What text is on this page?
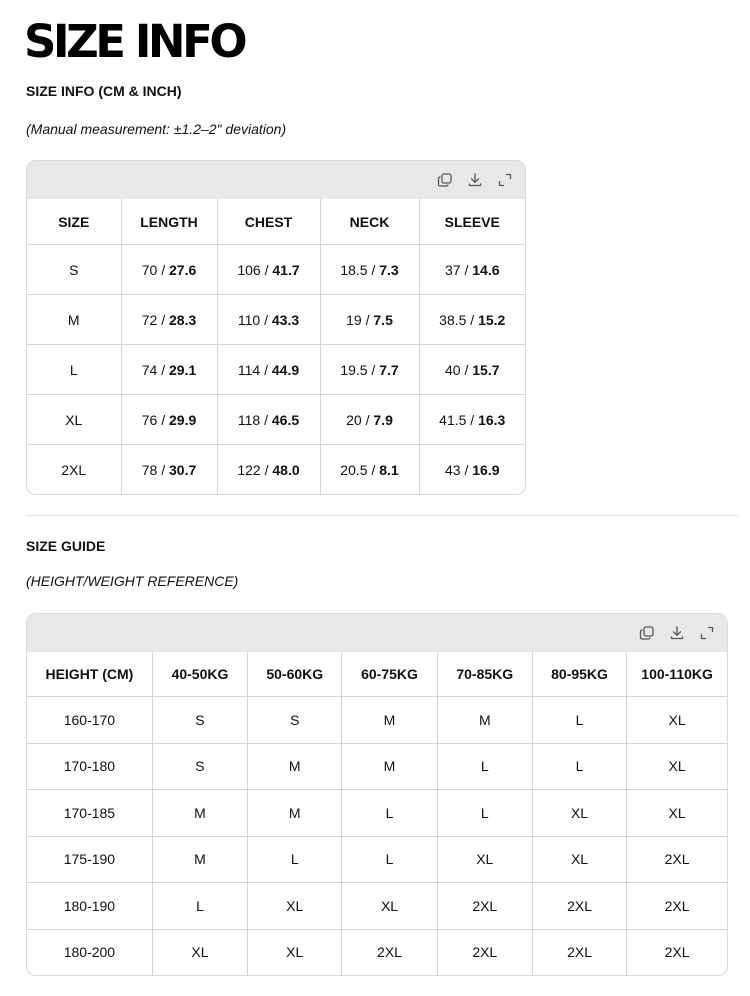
SIZE INFO

SIZE INFO (CM & INCH)

(Manual measurement: ±1.2–2" deviation)

SIZE	LENGTH	CHEST	NECK	SLEEVE
S	70 / 27.6	106 / 41.7	18.5 / 7.3	37 / 14.6
M	72 / 28.3	110 / 43.3	19 / 7.5	38.5 / 15.2
L	74 / 29.1	114 / 44.9	19.5 / 7.7	40 / 15.7
XL	76 / 29.9	118 / 46.5	20 / 7.9	41.5 / 16.3
2XL	78 / 30.7	122 / 48.0	20.5 / 8.1	43 / 16.9

SIZE GUIDE

(HEIGHT/WEIGHT REFERENCE)

HEIGHT (CM)	40-50KG	50-60KG	60-75KG	70-85KG	80-95KG	100-110KG
160-170	S	S	M	M	L	XL
170-180	S	M	M	L	L	XL
170-185	M	M	L	L	XL	XL
175-190	M	L	L	XL	XL	2XL
180-190	L	XL	XL	2XL	2XL	2XL
180-200	XL	XL	2XL	2XL	2XL	2XL
